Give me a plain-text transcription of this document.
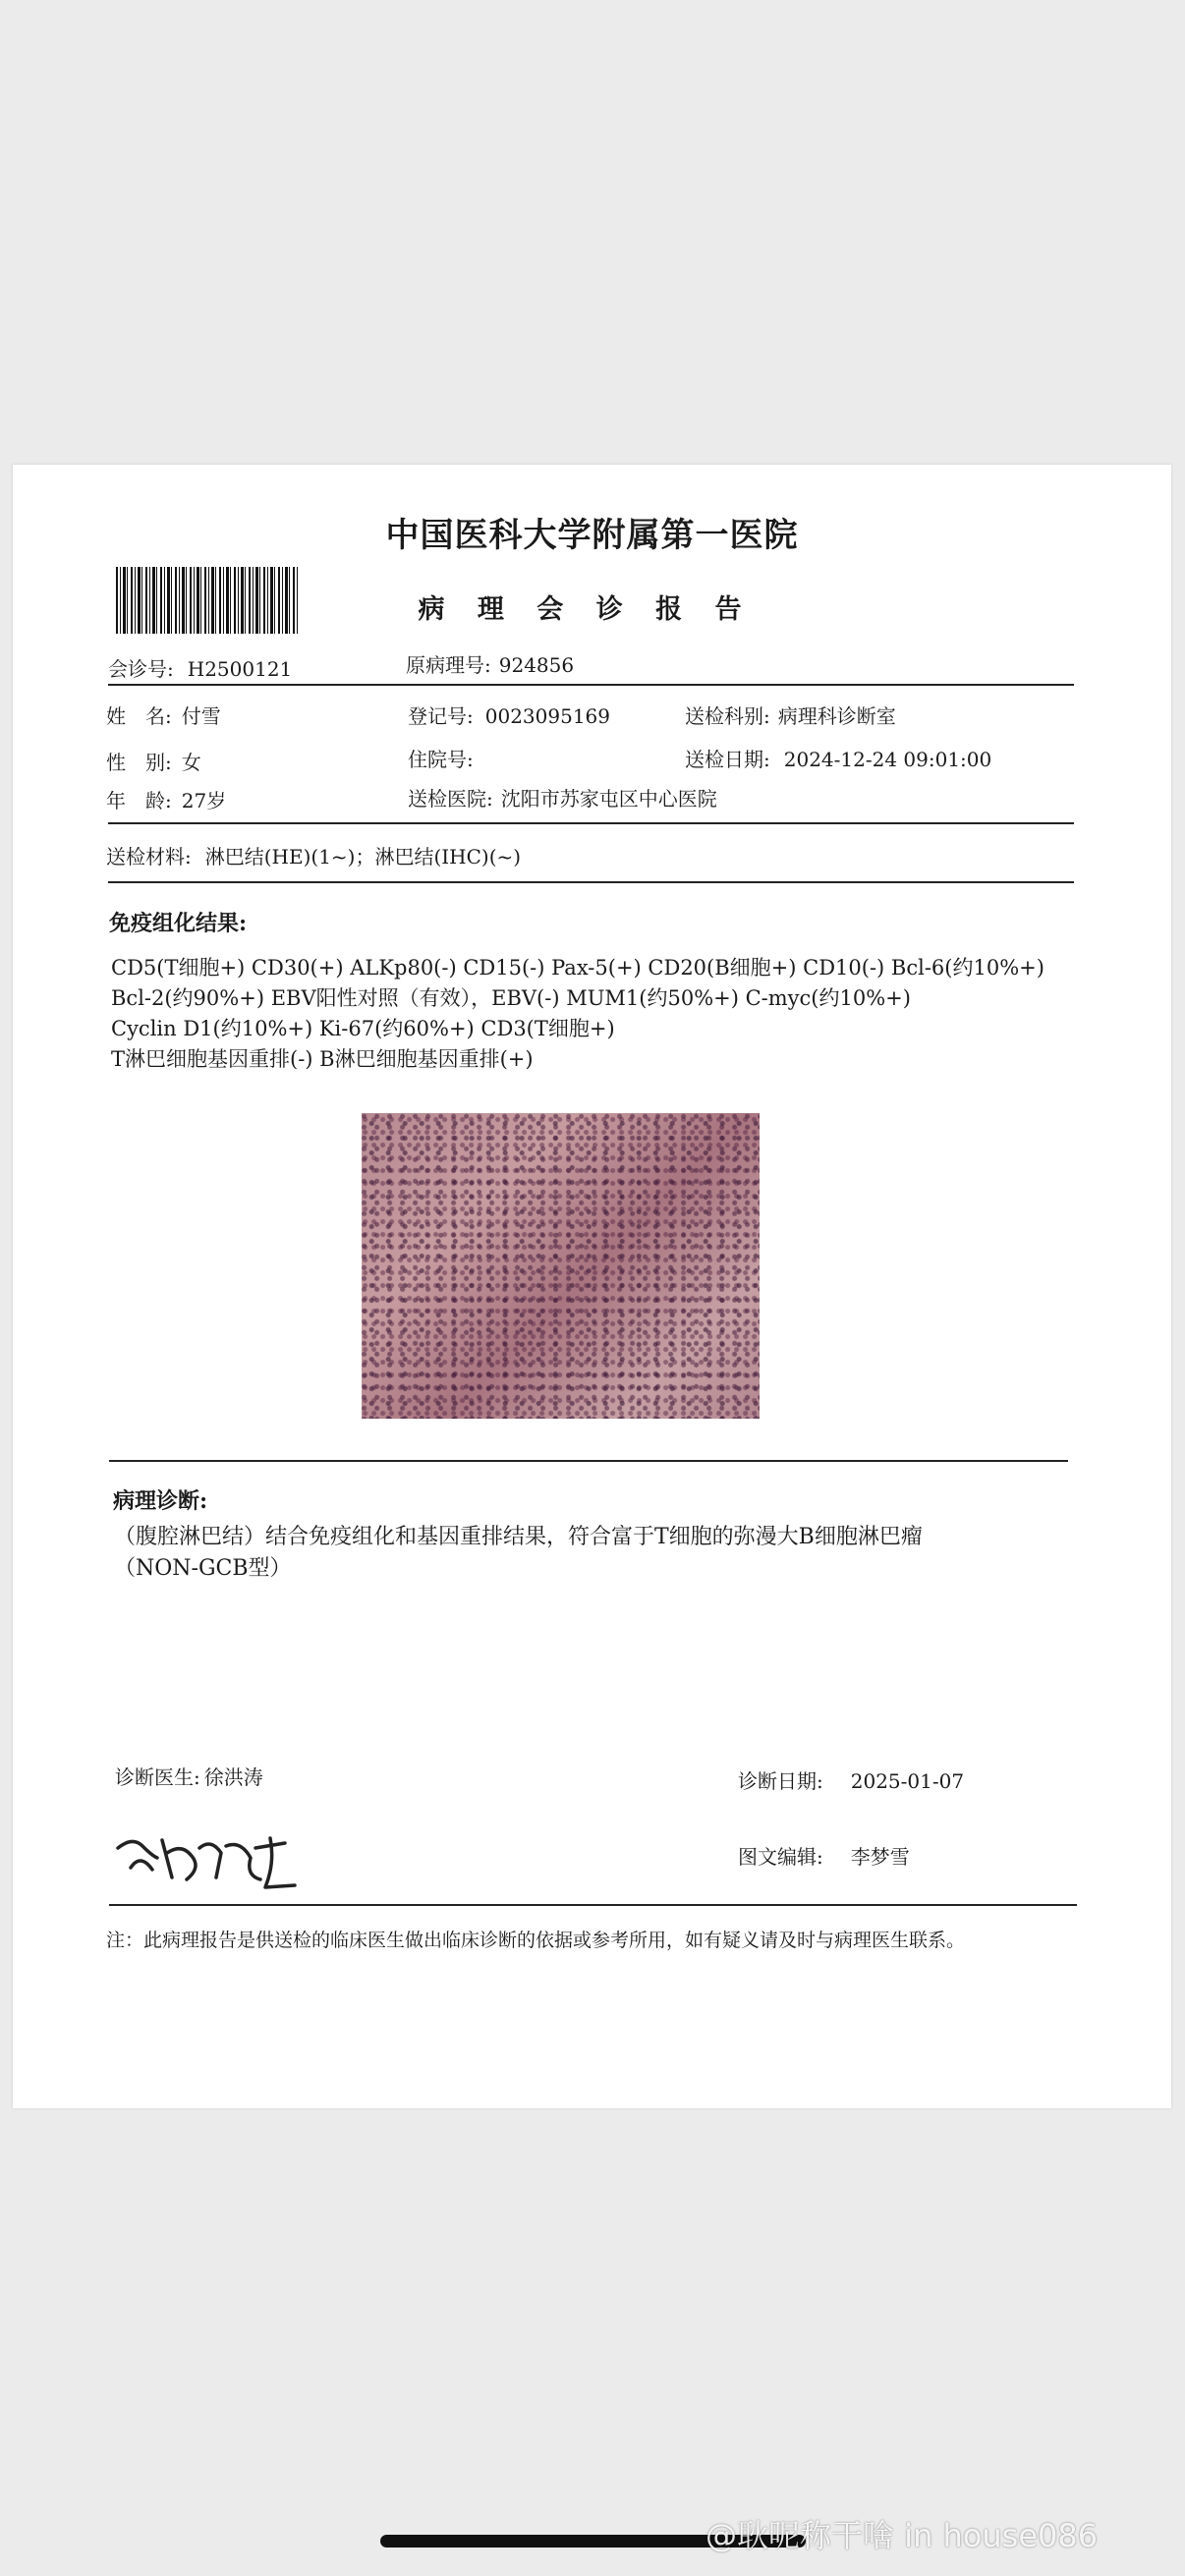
中国医科大学附属第一医院
病 理 会 诊 报 告
会诊号: H2500121	原病理号: 924856
姓　名: 付雪	登记号: 0023095169	送检科别: 病理科诊断室
性　别: 女	住院号:	送检日期: 2024-12-24 09:01:00
年　龄: 27岁	送检医院: 沈阳市苏家屯区中心医院
送检材料: 淋巴结(HE)(1~)；淋巴结(IHC)(~)
免疫组化结果:
CD5(T细胞+) CD30(+) ALKp80(-) CD15(-) Pax-5(+) CD20(B细胞+) CD10(-) Bcl-6(约10%+)
Bcl-2(约90%+) EBV阳性对照（有效），EBV(-) MUM1(约50%+) C-myc(约10%+)
Cyclin D1(约10%+) Ki-67(约60%+) CD3(T细胞+)
T淋巴细胞基因重排(-) B淋巴细胞基因重排(+)
病理诊断:
（腹腔淋巴结）结合免疫组化和基因重排结果，符合富于T细胞的弥漫大B细胞淋巴瘤
（NON-GCB型）
诊断医生: 徐洪涛	诊断日期: 2025-01-07
图文编辑: 李梦雪
注：此病理报告是供送检的临床医生做出临床诊断的依据或参考所用，如有疑义请及时与病理医生联系。
@耿呢称干啥 in house086
